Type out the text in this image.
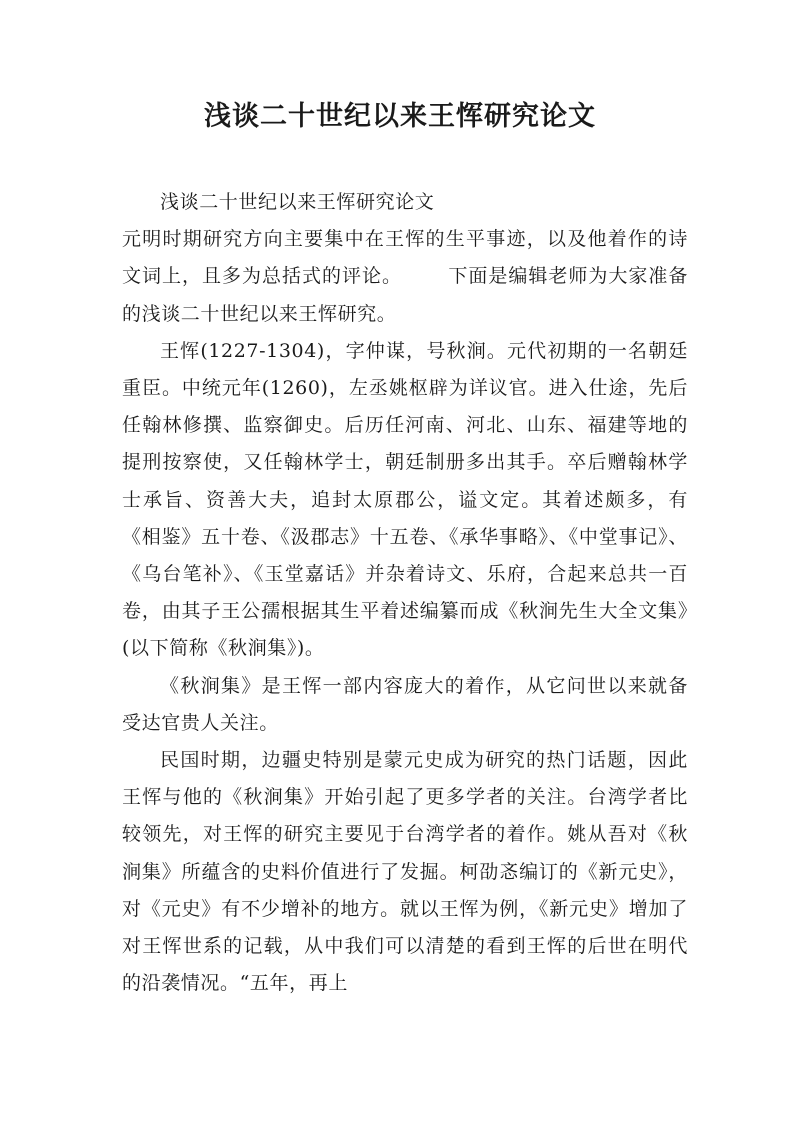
浅谈二十世纪以来王恽研究论文

浅谈二十世纪以来王恽研究论文

元明时期研究方向主要集中在王恽的生平事迹，以及他着作的诗文词上，且多为总括式的评论。 下面是编辑老师为大家准备的浅谈二十世纪以来王恽研究。

王恽(1227-1304)，字仲谋，号秋涧。元代初期的一名朝廷重臣。中统元年(1260)，左丞姚枢辟为详议官。进入仕途，先后任翰林修撰、监察御史。后历任河南、河北、山东、福建等地的提刑按察使，又任翰林学士，朝廷制册多出其手。卒后赠翰林学士承旨、资善大夫，追封太原郡公，谥文定。其着述颇多，有《相鉴》五十卷、《汲郡志》十五卷、《承华事略》、《中堂事记》、《乌台笔补》、《玉堂嘉话》并杂着诗文、乐府，合起来总共一百卷，由其子王公孺根据其生平着述编纂而成《秋涧先生大全文集》(以下简称《秋涧集》)。

《秋涧集》是王恽一部内容庞大的着作，从它问世以来就备受达官贵人关注。

民国时期，边疆史特别是蒙元史成为研究的热门话题，因此王恽与他的《秋涧集》开始引起了更多学者的关注。台湾学者比较领先，对王恽的研究主要见于台湾学者的着作。姚从吾对《秋涧集》所蕴含的史料价值进行了发掘。柯劭忞编订的《新元史》，对《元史》有不少增补的地方。就以王恽为例，《新元史》增加了对王恽世系的记载，从中我们可以清楚的看到王恽的后世在明代的沿袭情况。“五年，再上
